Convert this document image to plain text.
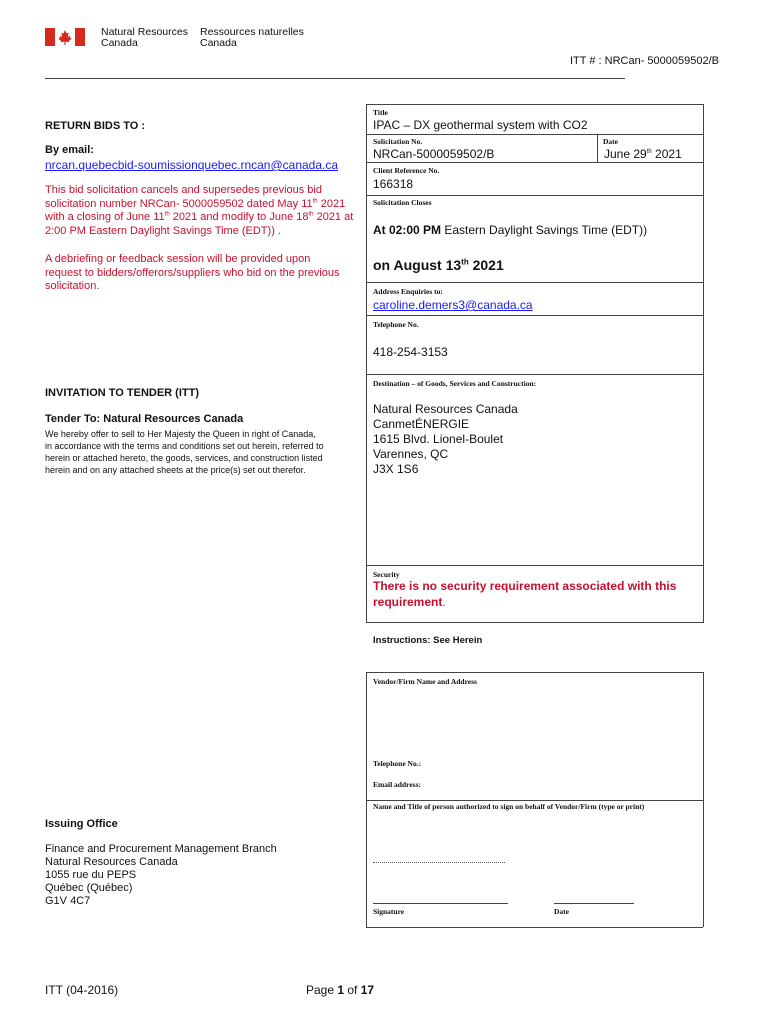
Natural Resources
Canada
Ressources naturelles
Canada
ITT # : NRCan- 5000059502/B
RETURN BIDS TO :
By email:
nrcan.quebecbid-soumissionquebec.rncan@canada.ca
This bid solicitation cancels and supersedes previous bid solicitation number NRCan- 5000059502 dated May 11th 2021 with a closing of June 11th 2021 and modify to June 18th 2021 at 2:00 PM Eastern Daylight Savings Time (EDT)) .
A debriefing or feedback session will be provided upon request to bidders/offerors/suppliers who bid on the previous solicitation.
INVITATION TO TENDER (ITT)
Tender To: Natural Resources Canada
We hereby offer to sell to Her Majesty the Queen in right of Canada, in accordance with the terms and conditions set out herein, referred to herein or attached hereto, the goods, services, and construction listed herein and on any attached sheets at the price(s) set out therefor.
Issuing Office
Finance and Procurement Management Branch
Natural Resources Canada
1055 rue du PEPS
Québec (Québec)
G1V 4C7
Title
IPAC – DX geothermal system with CO2
Solicitation No.
NRCan-5000059502/B
Date
June 29th 2021
Client Reference No.
166318
Solicitation Closes
At 02:00 PM Eastern Daylight Savings Time (EDT))
on August 13th 2021
Address Enquiries to:
caroline.demers3@canada.ca
Telephone No.
418-254-3153
Destination – of Goods, Services and Construction:
Natural Resources Canada
CanmetÉNERGIE
1615 Blvd. Lionel-Boulet
Varennes, QC
J3X 1S6
Security
There is no security requirement associated with this requirement.
Instructions: See Herein
Vendor/Firm Name and Address
Telephone No.:
Email address:
Name and Title of person authorized to sign on behalf of Vendor/Firm (type or print)
Signature	Date
ITT (04-2016)	Page 1 of 17
